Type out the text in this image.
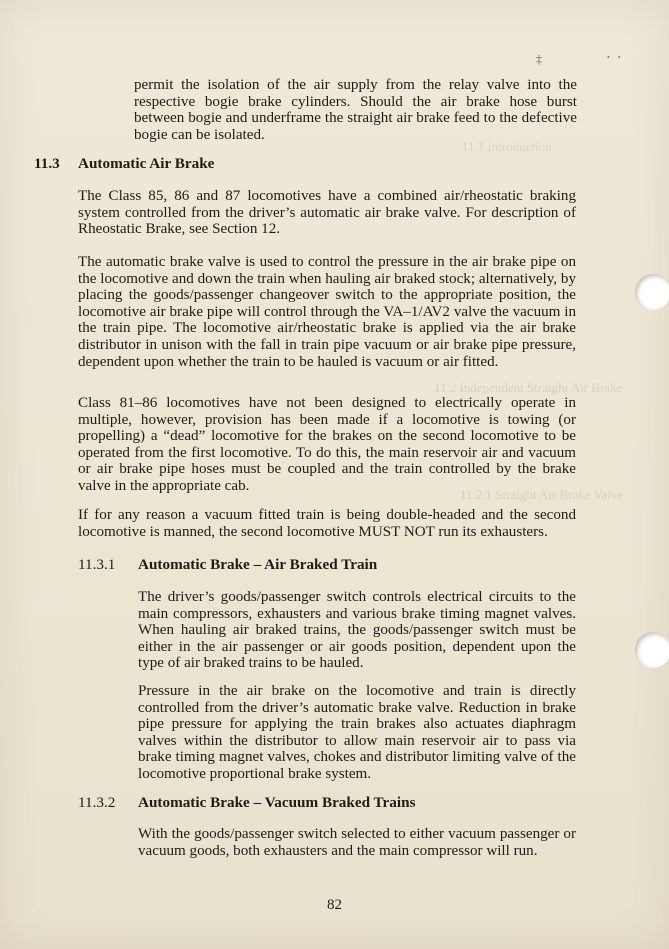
11.1 Introduction
11.2 Independent Straight Air Brake
11.2.1 Straight Air Brake Valve
‡	• •

permit the isolation of the air supply from the relay valve into the respective bogie brake cylinders. Should the air brake hose burst between bogie and underframe the straight air brake feed to the defective bogie can be isolated.

11.3 Automatic Air Brake

The Class 85, 86 and 87 locomotives have a combined air/rheostatic braking system controlled from the driver’s automatic air brake valve. For description of Rheostatic Brake, see Section 12.

The automatic brake valve is used to control the pressure in the air brake pipe on the locomotive and down the train when hauling air braked stock; alternatively, by placing the goods/passenger changeover switch to the appropriate position, the locomotive air brake pipe will control through the VA–1/AV2 valve the vacuum in the train pipe. The locomotive air/rheostatic brake is applied via the air brake distributor in unison with the fall in train pipe vacuum or air brake pipe pressure, dependent upon whether the train to be hauled is vacuum or air fitted.

Class 81–86 locomotives have not been designed to electrically operate in multiple, however, provision has been made if a locomotive is towing (or propelling) a “dead” locomotive for the brakes on the second locomotive to be operated from the first locomotive. To do this, the main reservoir air and vacuum or air brake pipe hoses must be coupled and the train controlled by the brake valve in the appropriate cab.

If for any reason a vacuum fitted train is being double-headed and the second locomotive is manned, the second locomotive MUST NOT run its exhausters.

11.3.1 Automatic Brake – Air Braked Train

The driver’s goods/passenger switch controls electrical circuits to the main compressors, exhausters and various brake timing magnet valves. When hauling air braked trains, the goods/passenger switch must be either in the air passenger or air goods position, dependent upon the type of air braked trains to be hauled.

Pressure in the air brake on the locomotive and train is directly controlled from the driver’s automatic brake valve. Reduction in brake pipe pressure for applying the train brakes also actuates diaphragm valves within the distributor to allow main reservoir air to pass via brake timing magnet valves, chokes and distributor limiting valve of the locomotive proportional brake system.

11.3.2 Automatic Brake – Vacuum Braked Trains

With the goods/passenger switch selected to either vacuum passenger or vacuum goods, both exhausters and the main compressor will run.

82
